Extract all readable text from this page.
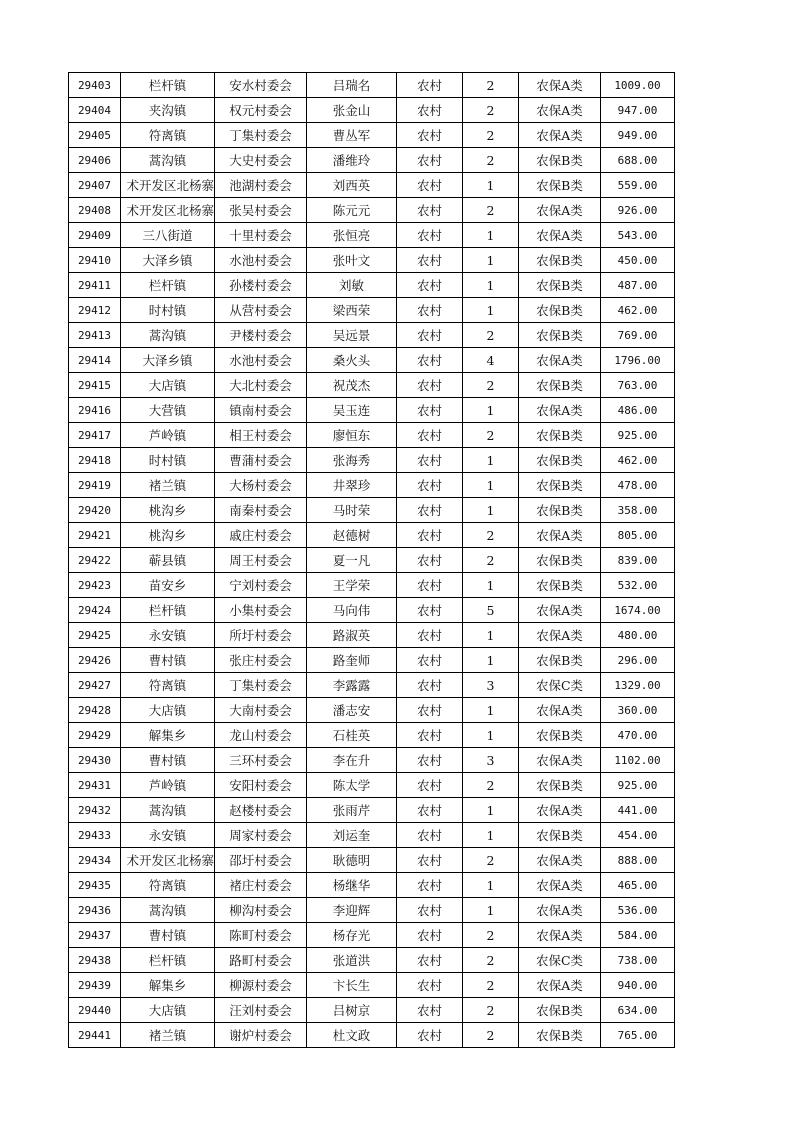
29403	栏杆镇	安水村委会	吕瑞名	农村	2	农保A类	1009.00
29404	夹沟镇	权元村委会	张金山	农村	2	农保A类	947.00
29405	符离镇	丁集村委会	曹丛军	农村	2	农保A类	949.00
29406	蒿沟镇	大史村委会	潘维玲	农村	2	农保B类	688.00
29407	术开发区北杨寨	池湖村委会	刘西英	农村	1	农保B类	559.00
29408	术开发区北杨寨	张吴村委会	陈元元	农村	2	农保A类	926.00
29409	三八街道	十里村委会	张恒亮	农村	1	农保A类	543.00
29410	大泽乡镇	水池村委会	张叶文	农村	1	农保B类	450.00
29411	栏杆镇	孙楼村委会	刘敏	农村	1	农保B类	487.00
29412	时村镇	从营村委会	梁西荣	农村	1	农保B类	462.00
29413	蒿沟镇	尹楼村委会	吴远景	农村	2	农保B类	769.00
29414	大泽乡镇	水池村委会	桑火头	农村	4	农保A类	1796.00
29415	大店镇	大北村委会	祝茂杰	农村	2	农保B类	763.00
29416	大营镇	镇南村委会	吴玉连	农村	1	农保A类	486.00
29417	芦岭镇	相王村委会	廖恒东	农村	2	农保B类	925.00
29418	时村镇	曹蒲村委会	张海秀	农村	1	农保B类	462.00
29419	褚兰镇	大杨村委会	井翠珍	农村	1	农保B类	478.00
29420	桃沟乡	南秦村委会	马时荣	农村	1	农保B类	358.00
29421	桃沟乡	戚庄村委会	赵德树	农村	2	农保A类	805.00
29422	蕲县镇	周王村委会	夏一凡	农村	2	农保B类	839.00
29423	苗安乡	宁刘村委会	王学荣	农村	1	农保B类	532.00
29424	栏杆镇	小集村委会	马向伟	农村	5	农保A类	1674.00
29425	永安镇	所圩村委会	路淑英	农村	1	农保A类	480.00
29426	曹村镇	张庄村委会	路奎师	农村	1	农保B类	296.00
29427	符离镇	丁集村委会	李露露	农村	3	农保C类	1329.00
29428	大店镇	大南村委会	潘志安	农村	1	农保A类	360.00
29429	解集乡	龙山村委会	石桂英	农村	1	农保B类	470.00
29430	曹村镇	三环村委会	李在升	农村	3	农保A类	1102.00
29431	芦岭镇	安阳村委会	陈太学	农村	2	农保B类	925.00
29432	蒿沟镇	赵楼村委会	张雨芹	农村	1	农保A类	441.00
29433	永安镇	周家村委会	刘运奎	农村	1	农保B类	454.00
29434	术开发区北杨寨	邵圩村委会	耿德明	农村	2	农保A类	888.00
29435	符离镇	褚庄村委会	杨继华	农村	1	农保A类	465.00
29436	蒿沟镇	柳沟村委会	李迎辉	农村	1	农保A类	536.00
29437	曹村镇	陈町村委会	杨存光	农村	2	农保A类	584.00
29438	栏杆镇	路町村委会	张道洪	农村	2	农保C类	738.00
29439	解集乡	柳源村委会	卞长生	农村	2	农保A类	940.00
29440	大店镇	汪刘村委会	吕树京	农村	2	农保B类	634.00
29441	褚兰镇	谢炉村委会	杜文政	农村	2	农保B类	765.00
